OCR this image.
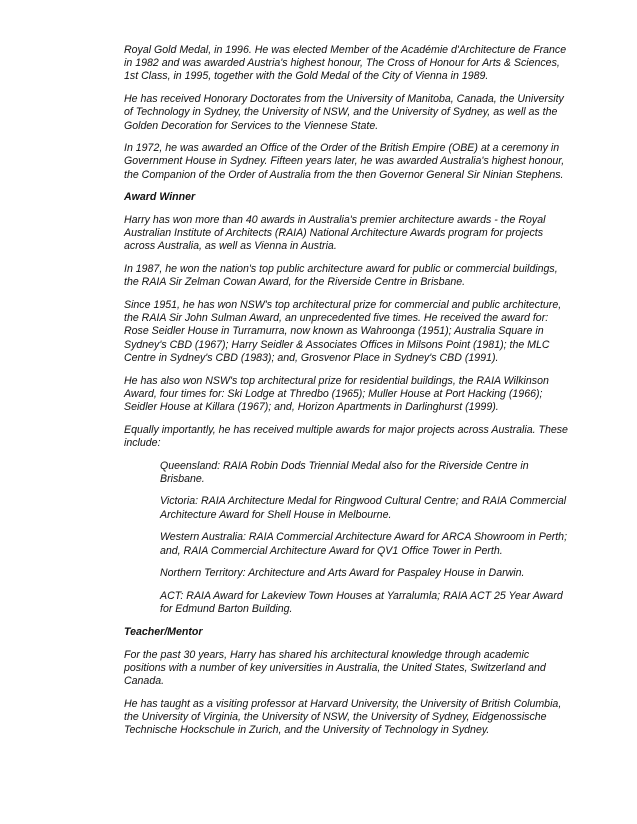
Royal Gold Medal, in 1996. He was elected Member of the Académie d'Architecture de France in 1982 and was awarded Austria's highest honour, The Cross of Honour for Arts & Sciences, 1st Class, in 1995, together with the Gold Medal of the City of Vienna in 1989.

He has received Honorary Doctorates from the University of Manitoba, Canada, the University of Technology in Sydney, the University of NSW, and the University of Sydney, as well as the Golden Decoration for Services to the Viennese State.

In 1972, he was awarded an Office of the Order of the British Empire (OBE) at a ceremony in Government House in Sydney. Fifteen years later, he was awarded Australia's highest honour, the Companion of the Order of Australia from the then Governor General Sir Ninian Stephens.

Award Winner

Harry has won more than 40 awards in Australia's premier architecture awards - the Royal Australian Institute of Architects (RAIA) National Architecture Awards program for projects across Australia, as well as Vienna in Austria.

In 1987, he won the nation's top public architecture award for public or commercial buildings, the RAIA Sir Zelman Cowan Award, for the Riverside Centre in Brisbane.

Since 1951, he has won NSW's top architectural prize for commercial and public architecture, the RAIA Sir John Sulman Award, an unprecedented five times. He received the award for: Rose Seidler House in Turramurra, now known as Wahroonga (1951); Australia Square in Sydney's CBD (1967); Harry Seidler & Associates Offices in Milsons Point (1981); the MLC Centre in Sydney's CBD (1983); and, Grosvenor Place in Sydney's CBD (1991).

He has also won NSW's top architectural prize for residential buildings, the RAIA Wilkinson Award, four times for: Ski Lodge at Thredbo (1965); Muller House at Port Hacking (1966); Seidler House at Killara (1967); and, Horizon Apartments in Darlinghurst (1999).

Equally importantly, he has received multiple awards for major projects across Australia. These include:

Queensland: RAIA Robin Dods Triennial Medal also for the Riverside Centre in Brisbane.

Victoria: RAIA Architecture Medal for Ringwood Cultural Centre; and RAIA Commercial Architecture Award for Shell House in Melbourne.

Western Australia: RAIA Commercial Architecture Award for ARCA Showroom in Perth; and, RAIA Commercial Architecture Award for QV1 Office Tower in Perth.

Northern Territory: Architecture and Arts Award for Paspaley House in Darwin.

ACT: RAIA Award for Lakeview Town Houses at Yarralumla; RAIA ACT 25 Year Award for Edmund Barton Building.

Teacher/Mentor

For the past 30 years, Harry has shared his architectural knowledge through academic positions with a number of key universities in Australia, the United States, Switzerland and Canada.

He has taught as a visiting professor at Harvard University, the University of British Columbia, the University of Virginia, the University of NSW, the University of Sydney, Eidgenossische Technische Hockschule in Zurich, and the University of Technology in Sydney.
